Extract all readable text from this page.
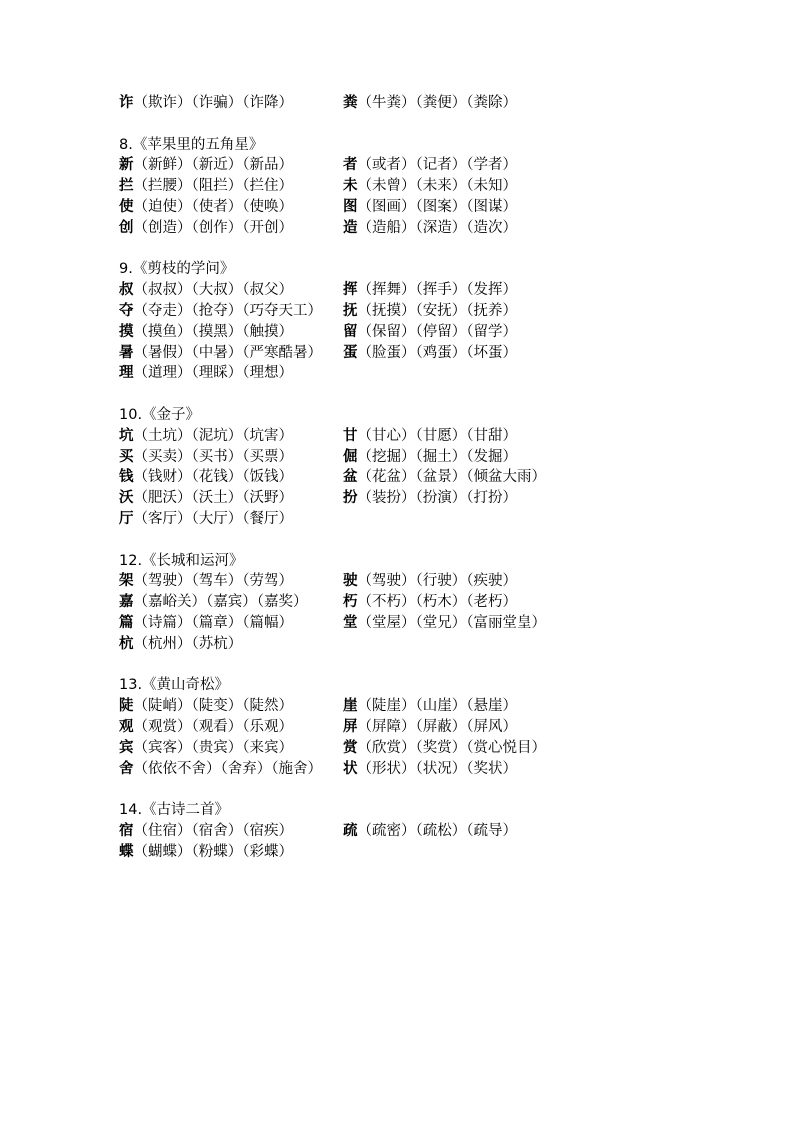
诈（欺诈）（诈骗）（诈降）	粪（牛粪）（粪便）（粪除）
8.《苹果里的五角星》
新（新鲜）（新近）（新品）	者（或者）（记者）（学者）
拦（拦腰）（阻拦）（拦住）	未（未曾）（未来）（未知）
使（迫使）（使者）（使唤）	图（图画）（图案）（图谋）
创（创造）（创作）（开创）	造（造船）（深造）（造次）
9.《剪枝的学问》
叔（叔叔）（大叔）（叔父）	挥（挥舞）（挥手）（发挥）
夺（夺走）（抢夺）（巧夺天工） 抚（抚摸）（安抚）（抚养）
摸（摸鱼）（摸黑）（触摸）	留（保留）（停留）（留学）
暑（暑假）（中暑）（严寒酷暑） 蛋（脸蛋）（鸡蛋）（坏蛋）
理（道理）（理睬）（理想）
10.《金子》
坑（土坑）（泥坑）（坑害）	甘（甘心）（甘愿）（甘甜）
买（买卖）（买书）（买票）	倔（挖掘）（掘土）（发掘）
钱（钱财）（花钱）（饭钱）	盆（花盆）（盆景）（倾盆大雨）
沃（肥沃）（沃土）（沃野）	扮（装扮）（扮演）（打扮）
厅（客厅）（大厅）（餐厅）
12.《长城和运河》
架（驾驶）（驾车）（劳驾）	驶（驾驶）（行驶）（疾驶）
嘉（嘉峪关）（嘉宾）（嘉奖） 朽（不朽）（朽木）（老朽）
篇（诗篇）（篇章）（篇幅）	堂（堂屋）（堂兄）（富丽堂皇）
杭（杭州）（苏杭）
13.《黄山奇松》
陡（陡峭）（陡变）（陡然）	崖（陡崖）（山崖）（悬崖）
观（观赏）（观看）（乐观）	屏（屏障）（屏蔽）（屏风）
宾（宾客）（贵宾）（来宾）	赏（欣赏）（奖赏）（赏心悦目）
舍（依依不舍）（舍弃）（施舍） 状（形状）（状况）（奖状）
14.《古诗二首》
宿（住宿）（宿舍）（宿疾）	疏（疏密）（疏松）（疏导）
蝶（蝴蝶）（粉蝶）（彩蝶）
